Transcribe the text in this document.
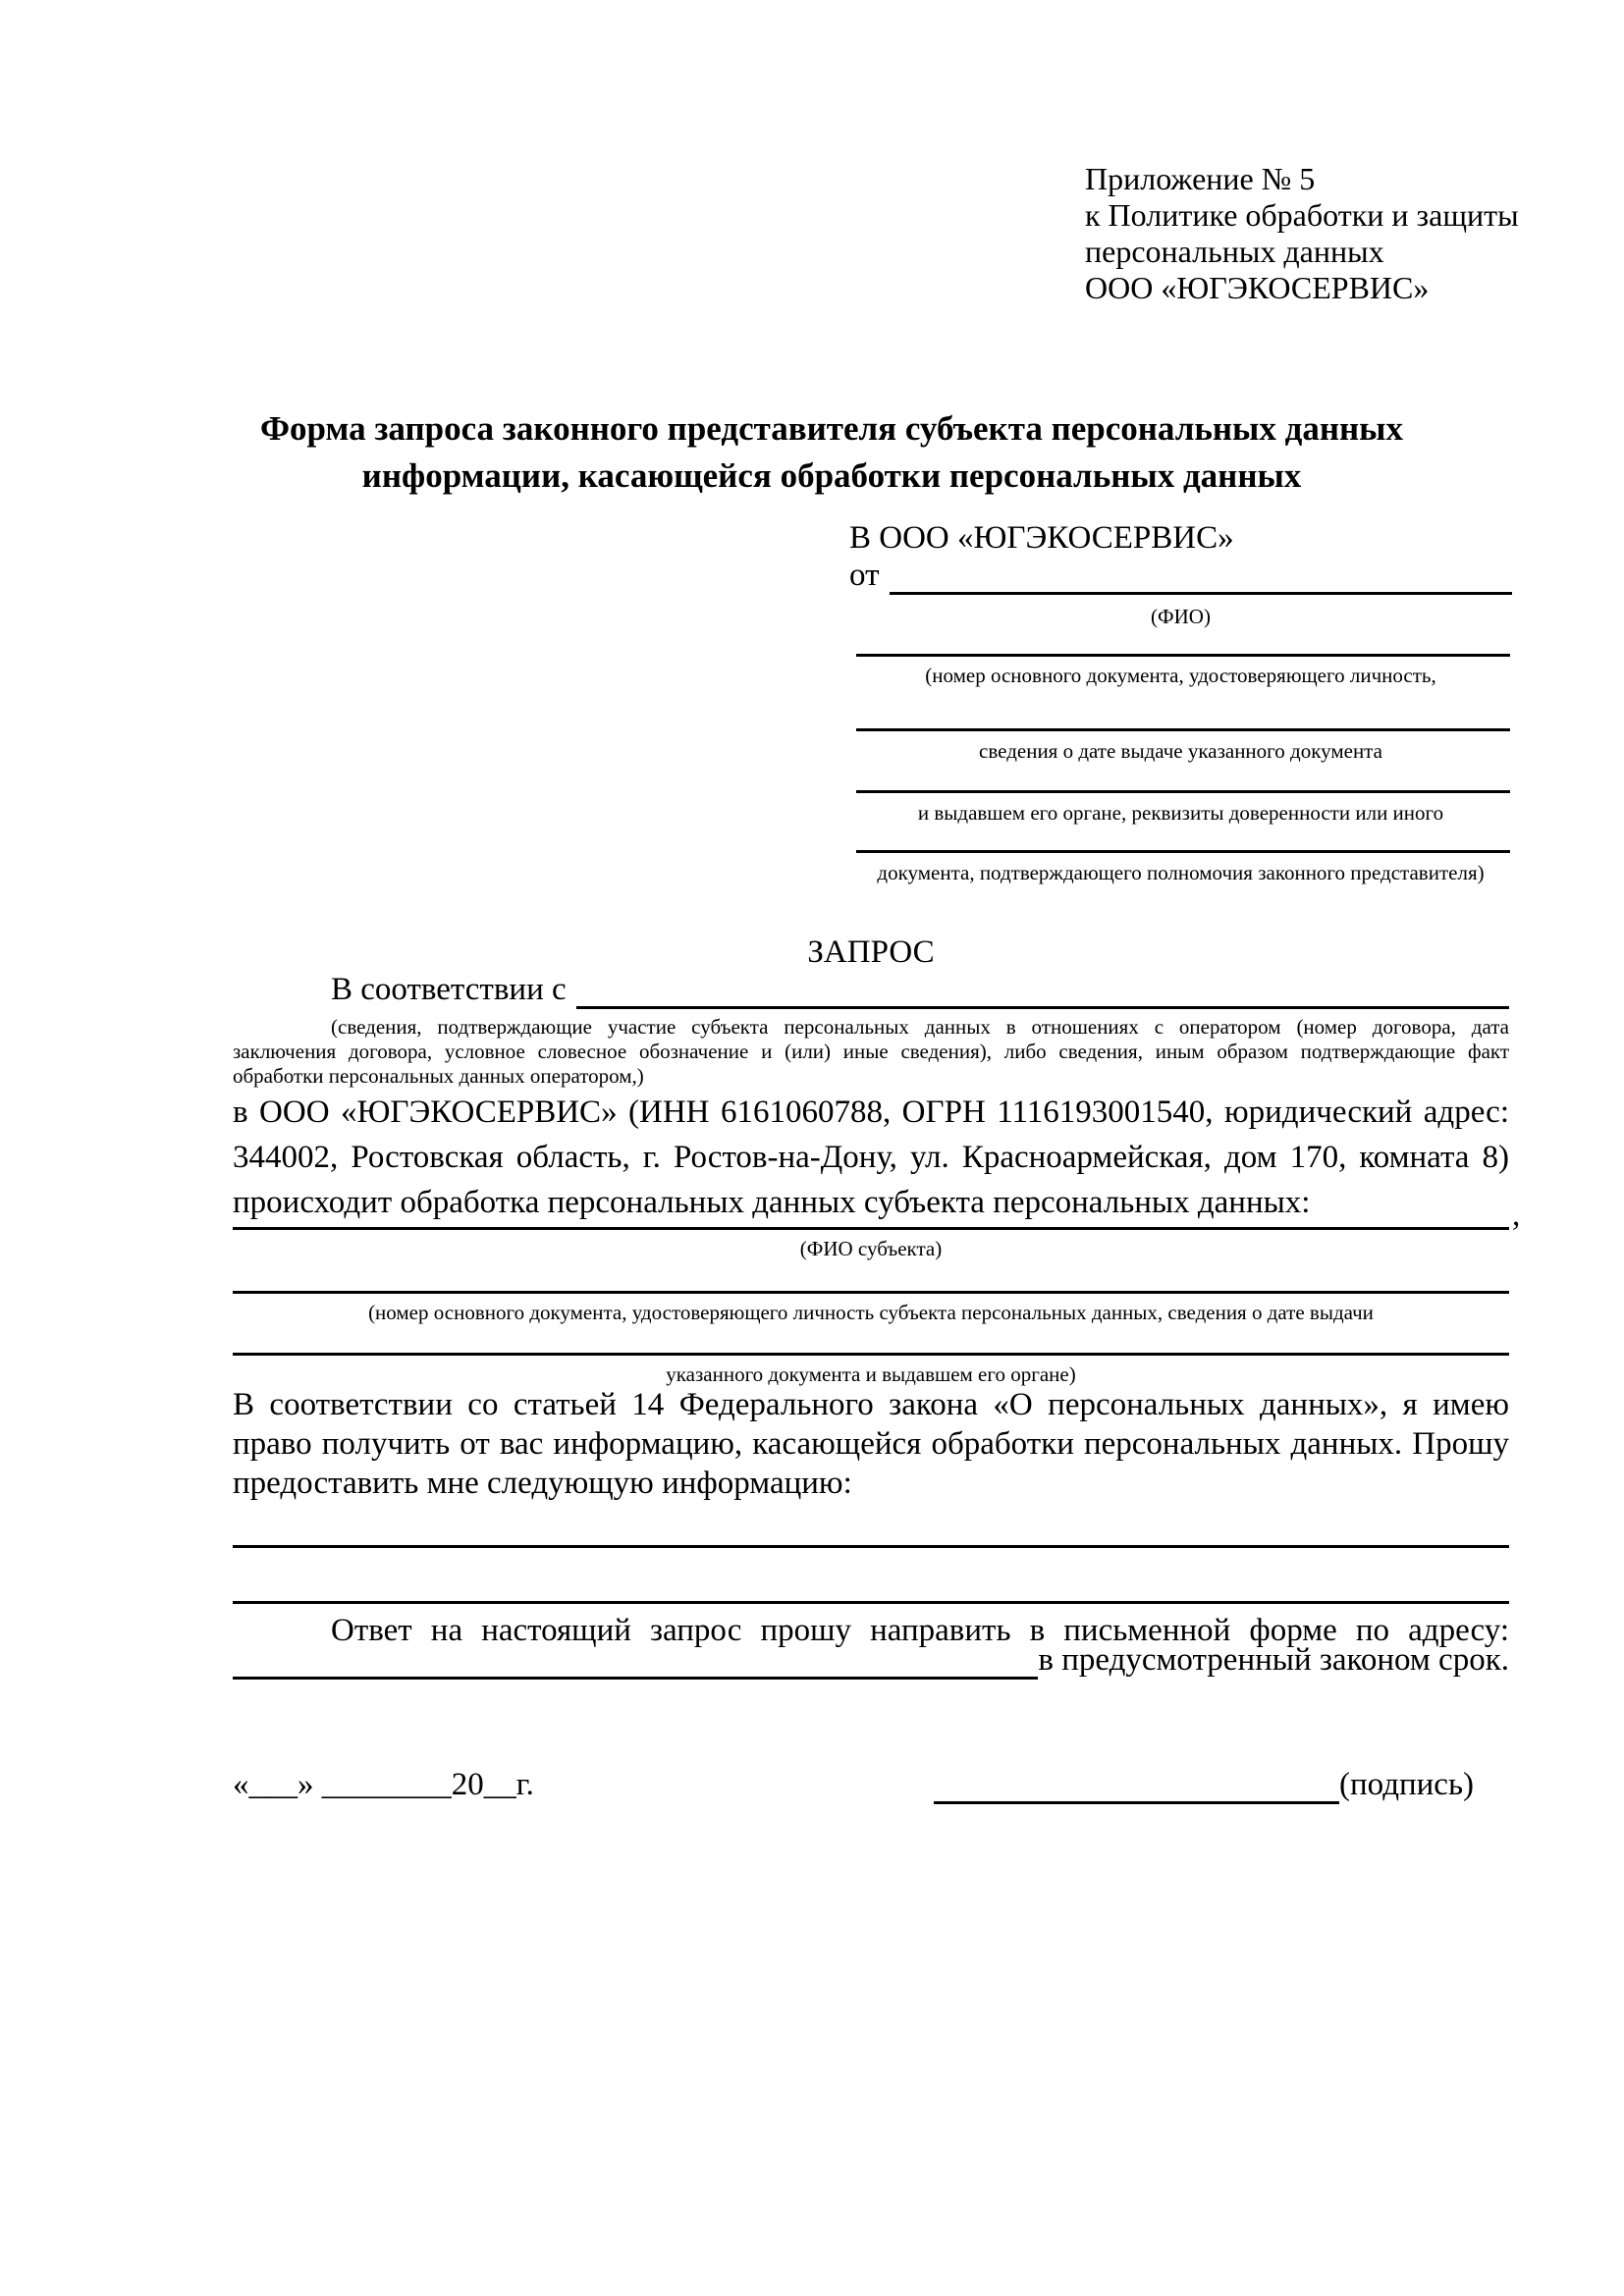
Приложение № 5
к Политике обработки и защиты
персональных данных
ООО «ЮГЭКОСЕРВИС»
Форма запроса законного представителя субъекта персональных данных
информации, касающейся обработки персональных данных
В ООО «ЮГЭКОСЕРВИС»
от
(ФИО)
(номер основного документа, удостоверяющего личность,
сведения о дате выдаче указанного документа
и выдавшем его органе, реквизиты доверенности или иного
документа, подтверждающего полномочия законного представителя)
ЗАПРОС
В соответствии с
(сведения, подтверждающие участие субъекта персональных данных в отношениях с оператором (номер договора, дата
заключения договора, условное словесное обозначение и (или) иные сведения), либо сведения, иным образом подтверждающие факт
обработки персональных данных оператором,)
в ООО «ЮГЭКОСЕРВИС» (ИНН 6161060788, ОГРН 1116193001540, юридический адрес:
344002, Ростовская область, г. Ростов-на-Дону, ул. Красноармейская, дом 170, комната 8)
происходит обработка персональных данных субъекта персональных данных:	,
(ФИО субъекта)
(номер основного документа, удостоверяющего личность субъекта персональных данных, сведения о дате выдачи
указанного документа и выдавшем его органе)
В соответствии со статьей 14 Федерального закона «О персональных данных», я имею
право получить от вас информацию, касающейся обработки персональных данных. Прошу
предоставить мне следующую информацию:
Ответ на настоящий запрос прошу направить в письменной форме по адресу:
в предусмотренный законом срок.
«___» ________20__г.	(подпись)
